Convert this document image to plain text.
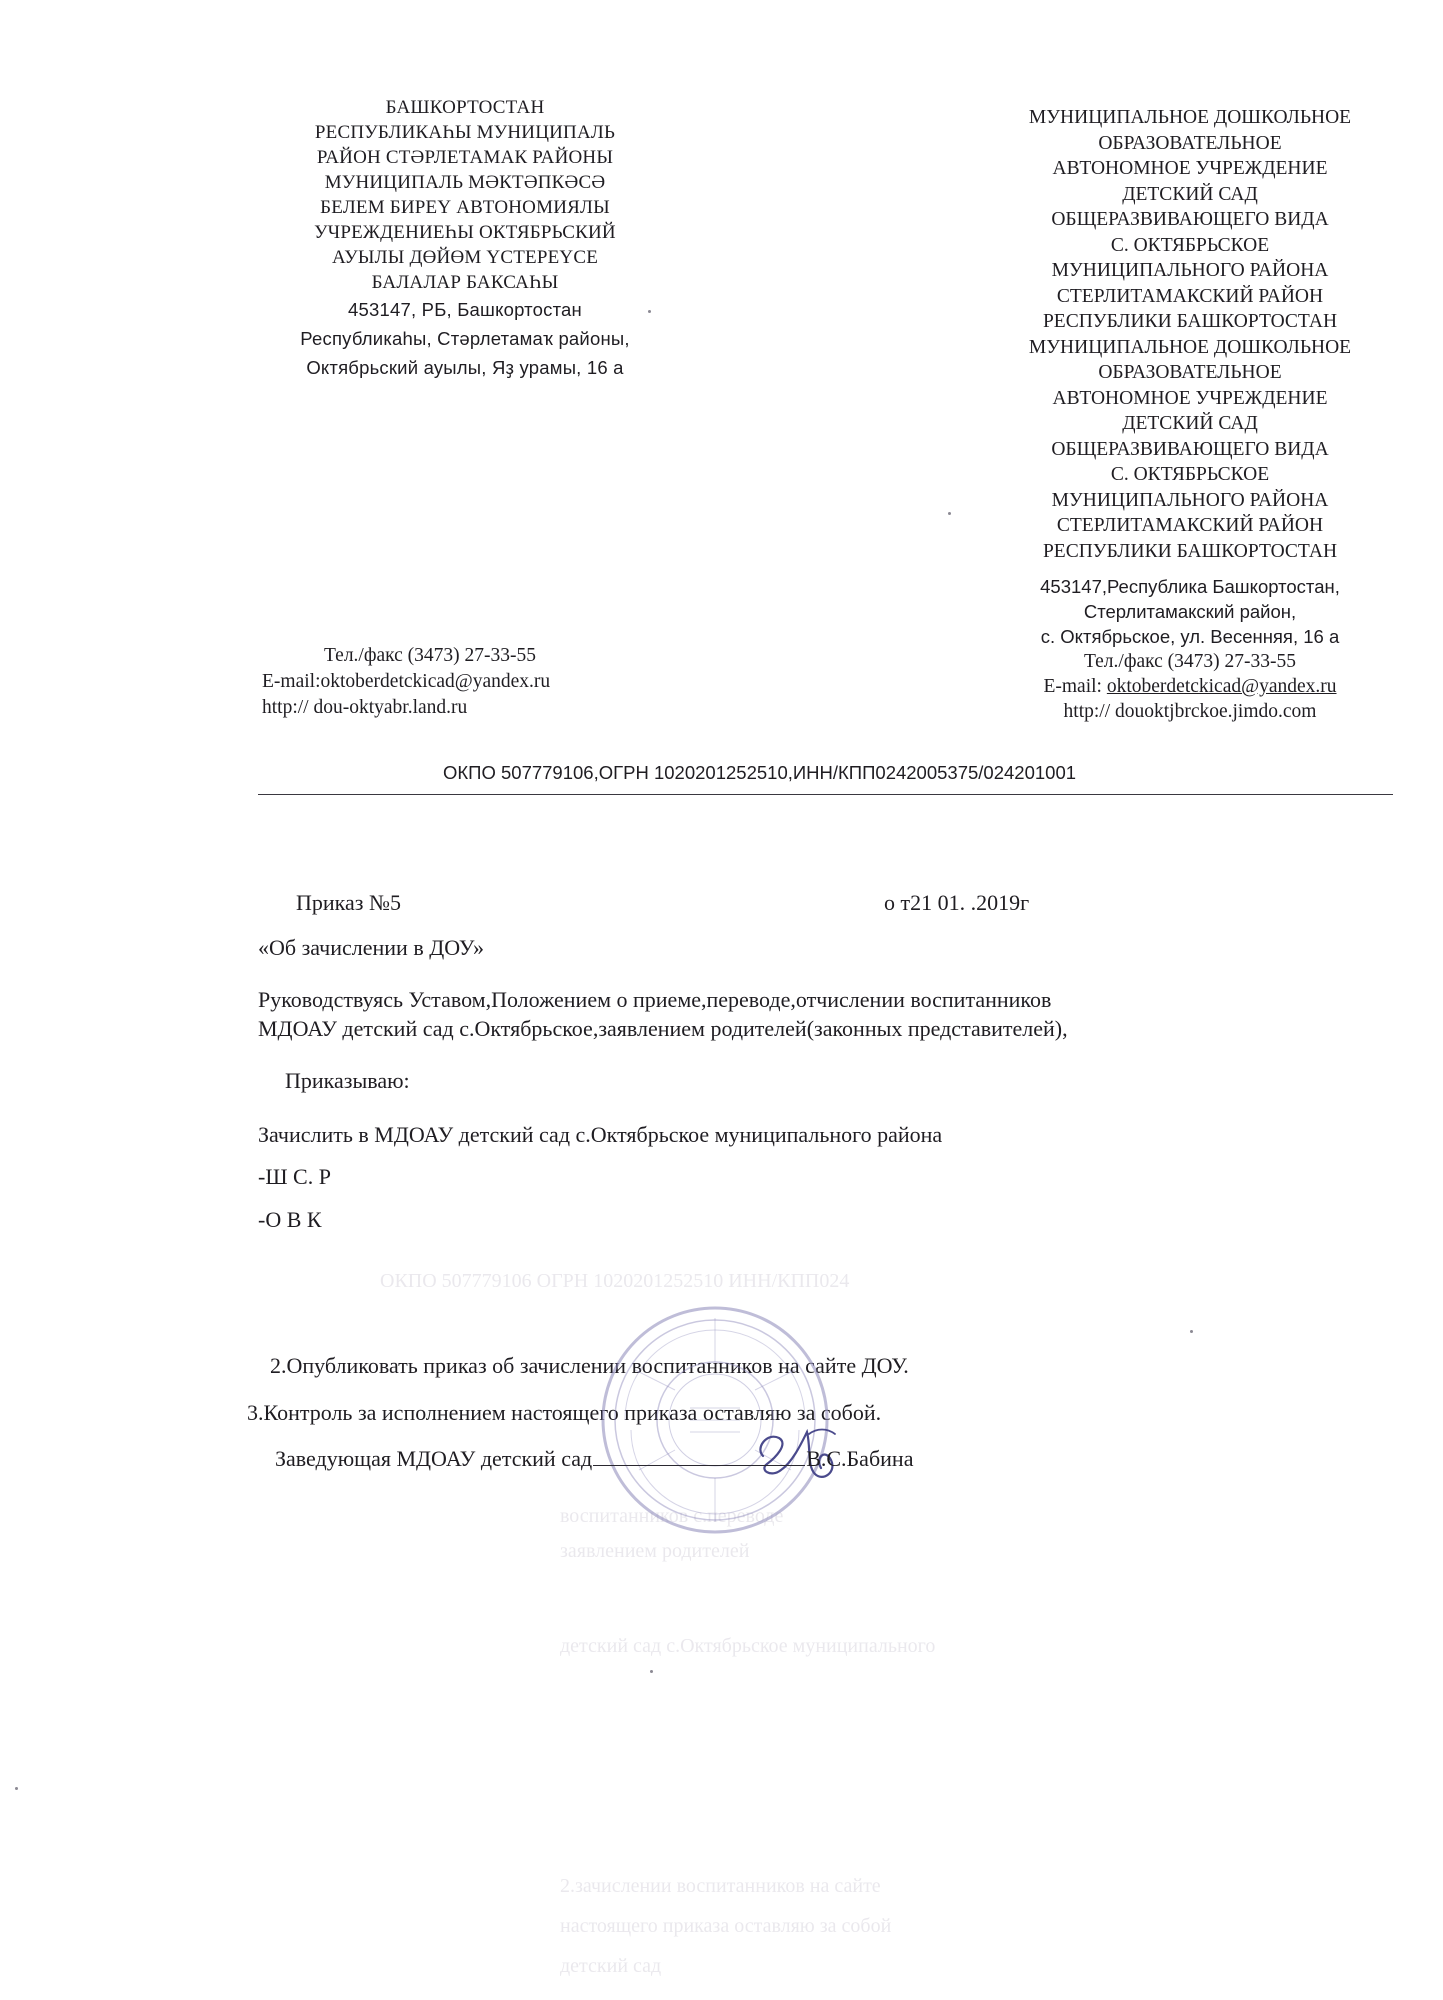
ОКПО 507779106 ОГРН 1020201252510 ИНН/КПП024
воспитанников с.переводе
заявлением родителей
детский сад с.Октябрьское муниципального
2.зачислении воспитанников на сайте
настоящего приказа оставляю за собой
детский сад
БАШКОРТОСТАН
РЕСПУБЛИКАҺЫ МУНИЦИПАЛЬ
РАЙОН СТӘРЛЕТАМАК РАЙОНЫ
МУНИЦИПАЛЬ МӘКТӘПКӘСӘ
БЕЛЕМ БИРЕҮ АВТОНОМИЯЛЫ
УЧРЕЖДЕНИЕҺЫ ОКТЯБРЬСКИЙ
АУЫЛЫ ДӨЙӨМ ҮСТЕРЕҮСЕ
БАЛАЛАР БАКСАҺЫ
453147, РБ, Башкортостан
Республикаһы, Стәрлетамаҡ районы,
Октябрьский ауылы, Яҙ урамы, 16 а
МУНИЦИПАЛЬНОЕ ДОШКОЛЬНОЕ
ОБРАЗОВАТЕЛЬНОЕ
АВТОНОМНОЕ УЧРЕЖДЕНИЕ
ДЕТСКИЙ САД
ОБЩЕРАЗВИВАЮЩЕГО ВИДА
С. ОКТЯБРЬСКОЕ
МУНИЦИПАЛЬНОГО РАЙОНА
СТЕРЛИТАМАКСКИЙ РАЙОН
РЕСПУБЛИКИ БАШКОРТОСТАН
МУНИЦИПАЛЬНОЕ ДОШКОЛЬНОЕ
ОБРАЗОВАТЕЛЬНОЕ
АВТОНОМНОЕ УЧРЕЖДЕНИЕ
ДЕТСКИЙ САД
ОБЩЕРАЗВИВАЮЩЕГО ВИДА
С. ОКТЯБРЬСКОЕ
МУНИЦИПАЛЬНОГО РАЙОНА
СТЕРЛИТАМАКСКИЙ РАЙОН
РЕСПУБЛИКИ БАШКОРТОСТАН
453147,Республика Башкортостан,
Стерлитамакский район,
с. Октябрьское, ул. Весенняя, 16 а
Тел./факс (3473) 27-33-55
E-mail: oktoberdetckicad@yandex.ru
http:// douoktjbrckoe.jimdo.com
Тел./факс (3473) 27-33-55
E-mail:oktoberdetckicad@yandex.ru
http:// dou-oktyabr.land.ru
ОКПО 507779106,ОГРН 1020201252510,ИНН/КПП0242005375/024201001
Приказ №5	о т21 01. .2019г
«Об зачислении в ДОУ»
Руководствуясь Уставом,Положением о приеме,переводе,отчислении воспитанников
МДОАУ детский сад с.Октябрьское,заявлением родителей(законных представителей),
Приказываю:
Зачислить в МДОАУ детский сад с.Октябрьское муниципального района
-Ш С. Р
-О В К
2.Опубликовать приказ об зачислении воспитанников на сайте ДОУ.
3.Контроль за исполнением настоящего приказа оставляю за собой.
Заведующая МДОАУ детский сад	В.С.Бабина
